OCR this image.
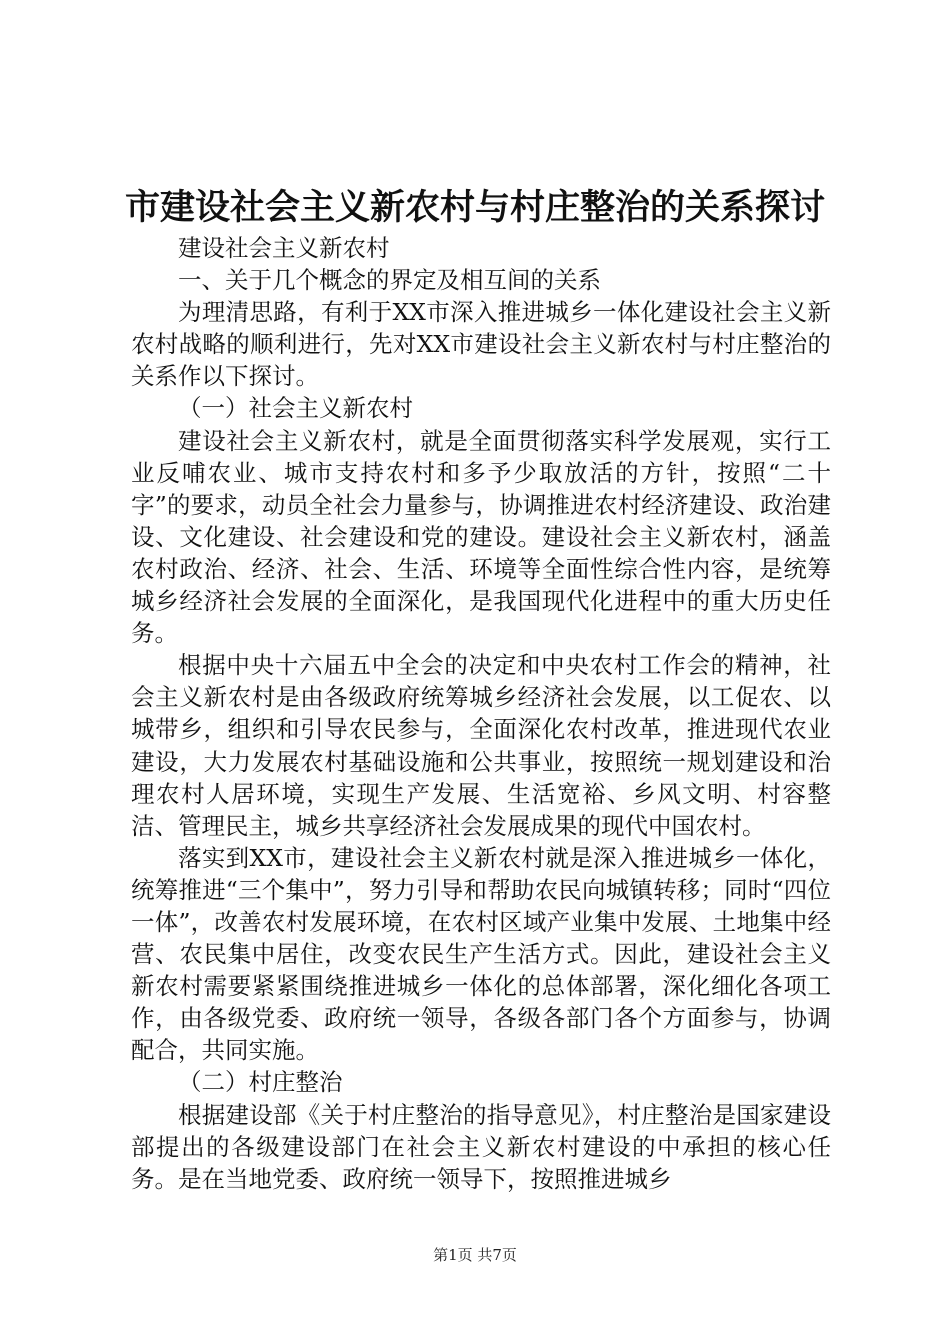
市建设社会主义新农村与村庄整治的关系探讨

建设社会主义新农村

一、关于几个概念的界定及相互间的关系

为理清思路，有利于XX市深入推进城乡一体化建设社会主义新农村战略的顺利进行，先对XX市建设社会主义新农村与村庄整治的关系作以下探讨。

（一）社会主义新农村

建设社会主义新农村，就是全面贯彻落实科学发展观，实行工业反哺农业、城市支持农村和多予少取放活的方针，按照“二十字”的要求，动员全社会力量参与，协调推进农村经济建设、政治建设、文化建设、社会建设和党的建设。建设社会主义新农村，涵盖农村政治、经济、社会、生活、环境等全面性综合性内容，是统筹城乡经济社会发展的全面深化，是我国现代化进程中的重大历史任务。

根据中央十六届五中全会的决定和中央农村工作会的精神，社会主义新农村是由各级政府统筹城乡经济社会发展，以工促农、以城带乡，组织和引导农民参与，全面深化农村改革，推进现代农业建设，大力发展农村基础设施和公共事业，按照统一规划建设和治理农村人居环境，实现生产发展、生活宽裕、乡风文明、村容整洁、管理民主，城乡共享经济社会发展成果的现代中国农村。

落实到XX市，建设社会主义新农村就是深入推进城乡一体化，统筹推进“三个集中”，努力引导和帮助农民向城镇转移；同时“四位一体”，改善农村发展环境，在农村区域产业集中发展、土地集中经营、农民集中居住，改变农民生产生活方式。因此，建设社会主义新农村需要紧紧围绕推进城乡一体化的总体部署，深化细化各项工作，由各级党委、政府统一领导，各级各部门各个方面参与，协调配合，共同实施。

（二）村庄整治

根据建设部《关于村庄整治的指导意见》，村庄整治是国家建设部提出的各级建设部门在社会主义新农村建设的中承担的核心任务。是在当地党委、政府统一领导下，按照推进城乡

第1页 共7页
